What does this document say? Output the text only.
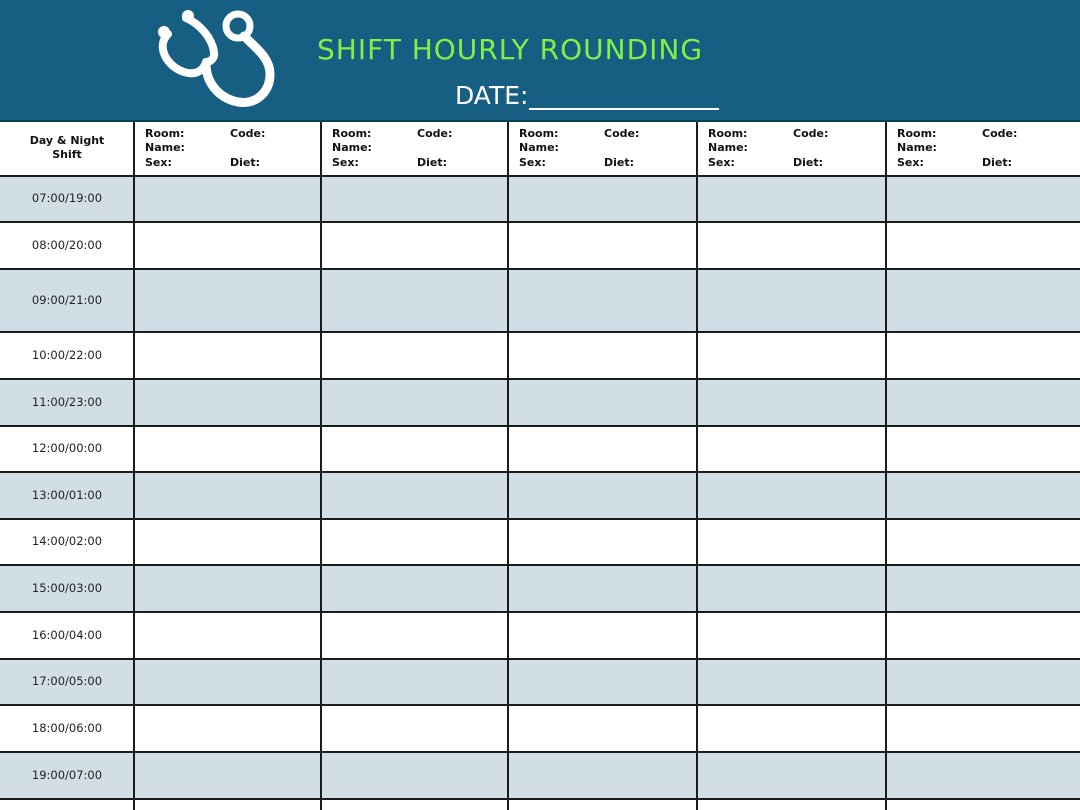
SHIFT HOURLY ROUNDING
DATE:
Day & Night
Shift
Room:	Code:
Name:
Sex:	Diet:
Room:	Code:
Name:
Sex:	Diet:
Room:	Code:
Name:
Sex:	Diet:
Room:	Code:
Name:
Sex:	Diet:
Room:	Code:
Name:
Sex:	Diet:
07:00/19:00
08:00/20:00
09:00/21:00
10:00/22:00
11:00/23:00
12:00/00:00
13:00/01:00
14:00/02:00
15:00/03:00
16:00/04:00
17:00/05:00
18:00/06:00
19:00/07:00
